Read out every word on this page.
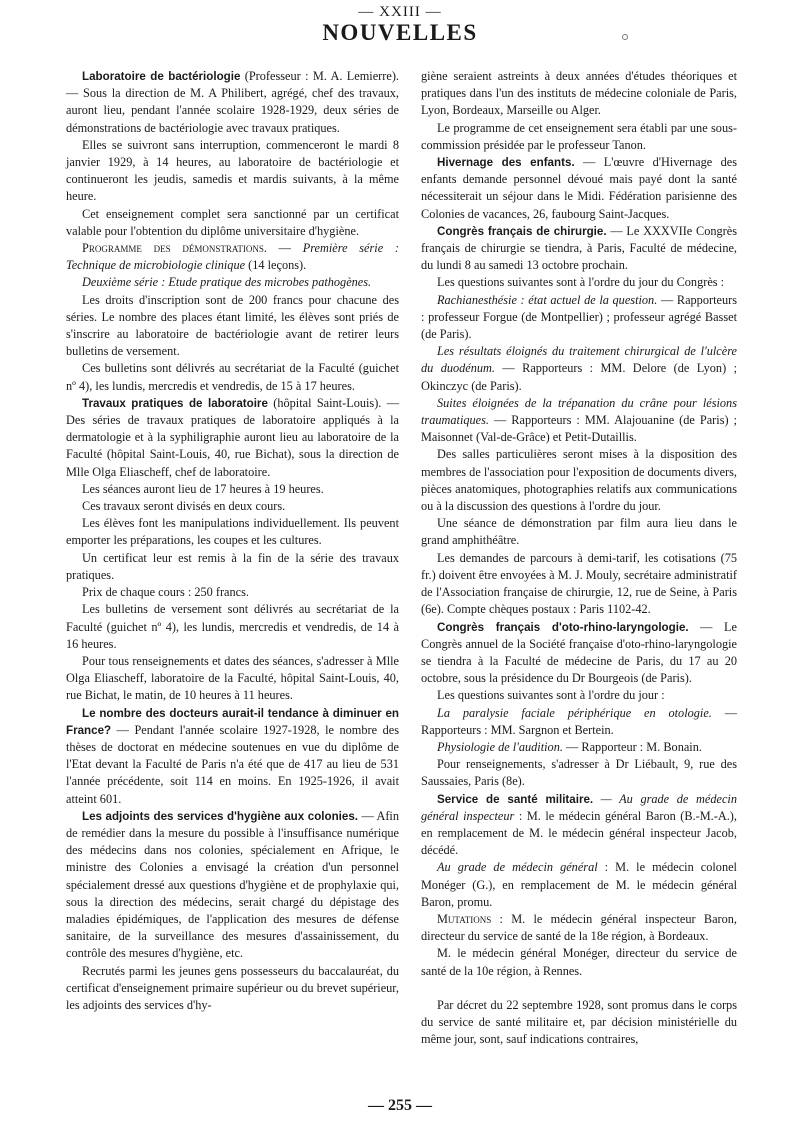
— XXIII —
NOUVELLES

Laboratoire de bactériologie (Professeur : M. A. Lemierre). — Sous la direction de M. A Philibert, agrégé, chef des travaux, auront lieu, pendant l'année scolaire 1928-1929, deux séries de démonstrations de bactériologie avec travaux pratiques.

Elles se suivront sans interruption, commenceront le mardi 8 janvier 1929, à 14 heures, au laboratoire de bactériologie et continueront les jeudis, samedis et mardis suivants, à la même heure.

Cet enseignement complet sera sanctionné par un certificat valable pour l'obtention du diplôme universitaire d'hygiène.

Programme des démonstrations. — Première série : Technique de microbiologie clinique (14 leçons).

Deuxième série : Etude pratique des microbes pathogènes.

Les droits d'inscription sont de 200 francs pour chacune des séries. Le nombre des places étant limité, les élèves sont priés de s'inscrire au laboratoire de bactériologie avant de retirer leurs bulletins de versement.

Ces bulletins sont délivrés au secrétariat de la Faculté (guichet nº 4), les lundis, mercredis et vendredis, de 15 à 17 heures.

Travaux pratiques de laboratoire (hôpital Saint-Louis). — Des séries de travaux pratiques de laboratoire appliqués à la dermatologie et à la syphiligraphie auront lieu au laboratoire de la Faculté (hôpital Saint-Louis, 40, rue Bichat), sous la direction de Mlle Olga Eliascheff, chef de laboratoire.

Les séances auront lieu de 17 heures à 19 heures.

Ces travaux seront divisés en deux cours.

Les élèves font les manipulations individuellement. Ils peuvent emporter les préparations, les coupes et les cultures.

Un certificat leur est remis à la fin de la série des travaux pratiques.

Prix de chaque cours : 250 francs.

Les bulletins de versement sont délivrés au secrétariat de la Faculté (guichet nº 4), les lundis, mercredis et vendredis, de 14 à 16 heures.

Pour tous renseignements et dates des séances, s'adresser à Mlle Olga Eliascheff, laboratoire de la Faculté, hôpital Saint-Louis, 40, rue Bichat, le matin, de 10 heures à 11 heures.

Le nombre des docteurs aurait-il tendance à diminuer en France? — Pendant l'année scolaire 1927-1928, le nombre des thèses de doctorat en médecine soutenues en vue du diplôme de l'Etat devant la Faculté de Paris n'a été que de 417 au lieu de 531 l'année précédente, soit 114 en moins. En 1925-1926, il avait atteint 601.

Les adjoints des services d'hygiène aux colonies. — Afin de remédier dans la mesure du possible à l'insuffisance numérique des médecins dans nos colonies, spécialement en Afrique, le ministre des Colonies a envisagé la création d'un personnel spécialement dressé aux questions d'hygiène et de prophylaxie qui, sous la direction des médecins, serait chargé du dépistage des maladies épidémiques, de l'application des mesures de défense sanitaire, de la surveillance des mesures d'assainissement, du contrôle des mesures d'hygiène, etc.

Recrutés parmi les jeunes gens possesseurs du baccalauréat, du certificat d'enseignement primaire supérieur ou du brevet supérieur, les adjoints des services d'hy-

giène seraient astreints à deux années d'études théoriques et pratiques dans l'un des instituts de médecine coloniale de Paris, Lyon, Bordeaux, Marseille ou Alger.

Le programme de cet enseignement sera établi par une sous-commission présidée par le professeur Tanon.

Hivernage des enfants. — L'œuvre d'Hivernage des enfants demande personnel dévoué mais payé dont la santé nécessiterait un séjour dans le Midi. Fédération parisienne des Colonies de vacances, 26, faubourg Saint-Jacques.

Congrès français de chirurgie. — Le XXXVIIe Congrès français de chirurgie se tiendra, à Paris, Faculté de médecine, du lundi 8 au samedi 13 octobre prochain.

Les questions suivantes sont à l'ordre du jour du Congrès :

Rachianesthésie : état actuel de la question. — Rapporteurs : professeur Forgue (de Montpellier) ; professeur agrégé Basset (de Paris).

Les résultats éloignés du traitement chirurgical de l'ulcère du duodénum. — Rapporteurs : MM. Delore (de Lyon) ; Okinczyc (de Paris).

Suites éloignées de la trépanation du crâne pour lésions traumatiques. — Rapporteurs : MM. Alajouanine (de Paris) ; Maisonnet (Val-de-Grâce) et Petit-Dutaillis.

Des salles particulières seront mises à la disposition des membres de l'association pour l'exposition de documents divers, pièces anatomiques, photographies relatifs aux communications ou à la discussion des questions à l'ordre du jour.

Une séance de démonstration par film aura lieu dans le grand amphithéâtre.

Les demandes de parcours à demi-tarif, les cotisations (75 fr.) doivent être envoyées à M. J. Mouly, secrétaire administratif de l'Association française de chirurgie, 12, rue de Seine, à Paris (6e). Compte chèques postaux : Paris 1102-42.

Congrès français d'oto-rhino-laryngologie. — Le Congrès annuel de la Société française d'oto-rhino-laryngologie se tiendra à la Faculté de médecine de Paris, du 17 au 20 octobre, sous la présidence du Dr Bourgeois (de Paris).

Les questions suivantes sont à l'ordre du jour :

La paralysie faciale périphérique en otologie. — Rapporteurs : MM. Sargnon et Bertein.

Physiologie de l'audition. — Rapporteur : M. Bonain.

Pour renseignements, s'adresser à Dr Liébault, 9, rue des Saussaies, Paris (8e).

Service de santé militaire. — Au grade de médecin général inspecteur : M. le médecin général Baron (B.-M.-A.), en remplacement de M. le médecin général inspecteur Jacob, décédé.

Au grade de médecin général : M. le médecin colonel Monéger (G.), en remplacement de M. le médecin général Baron, promu.

Mutations : M. le médecin général inspecteur Baron, directeur du service de santé de la 18e région, à Bordeaux.

M. le médecin général Monéger, directeur du service de santé de la 10e région, à Rennes.

Par décret du 22 septembre 1928, sont promus dans le corps du service de santé militaire et, par décision ministérielle du même jour, sont, sauf indications contraires,

— 255 —
